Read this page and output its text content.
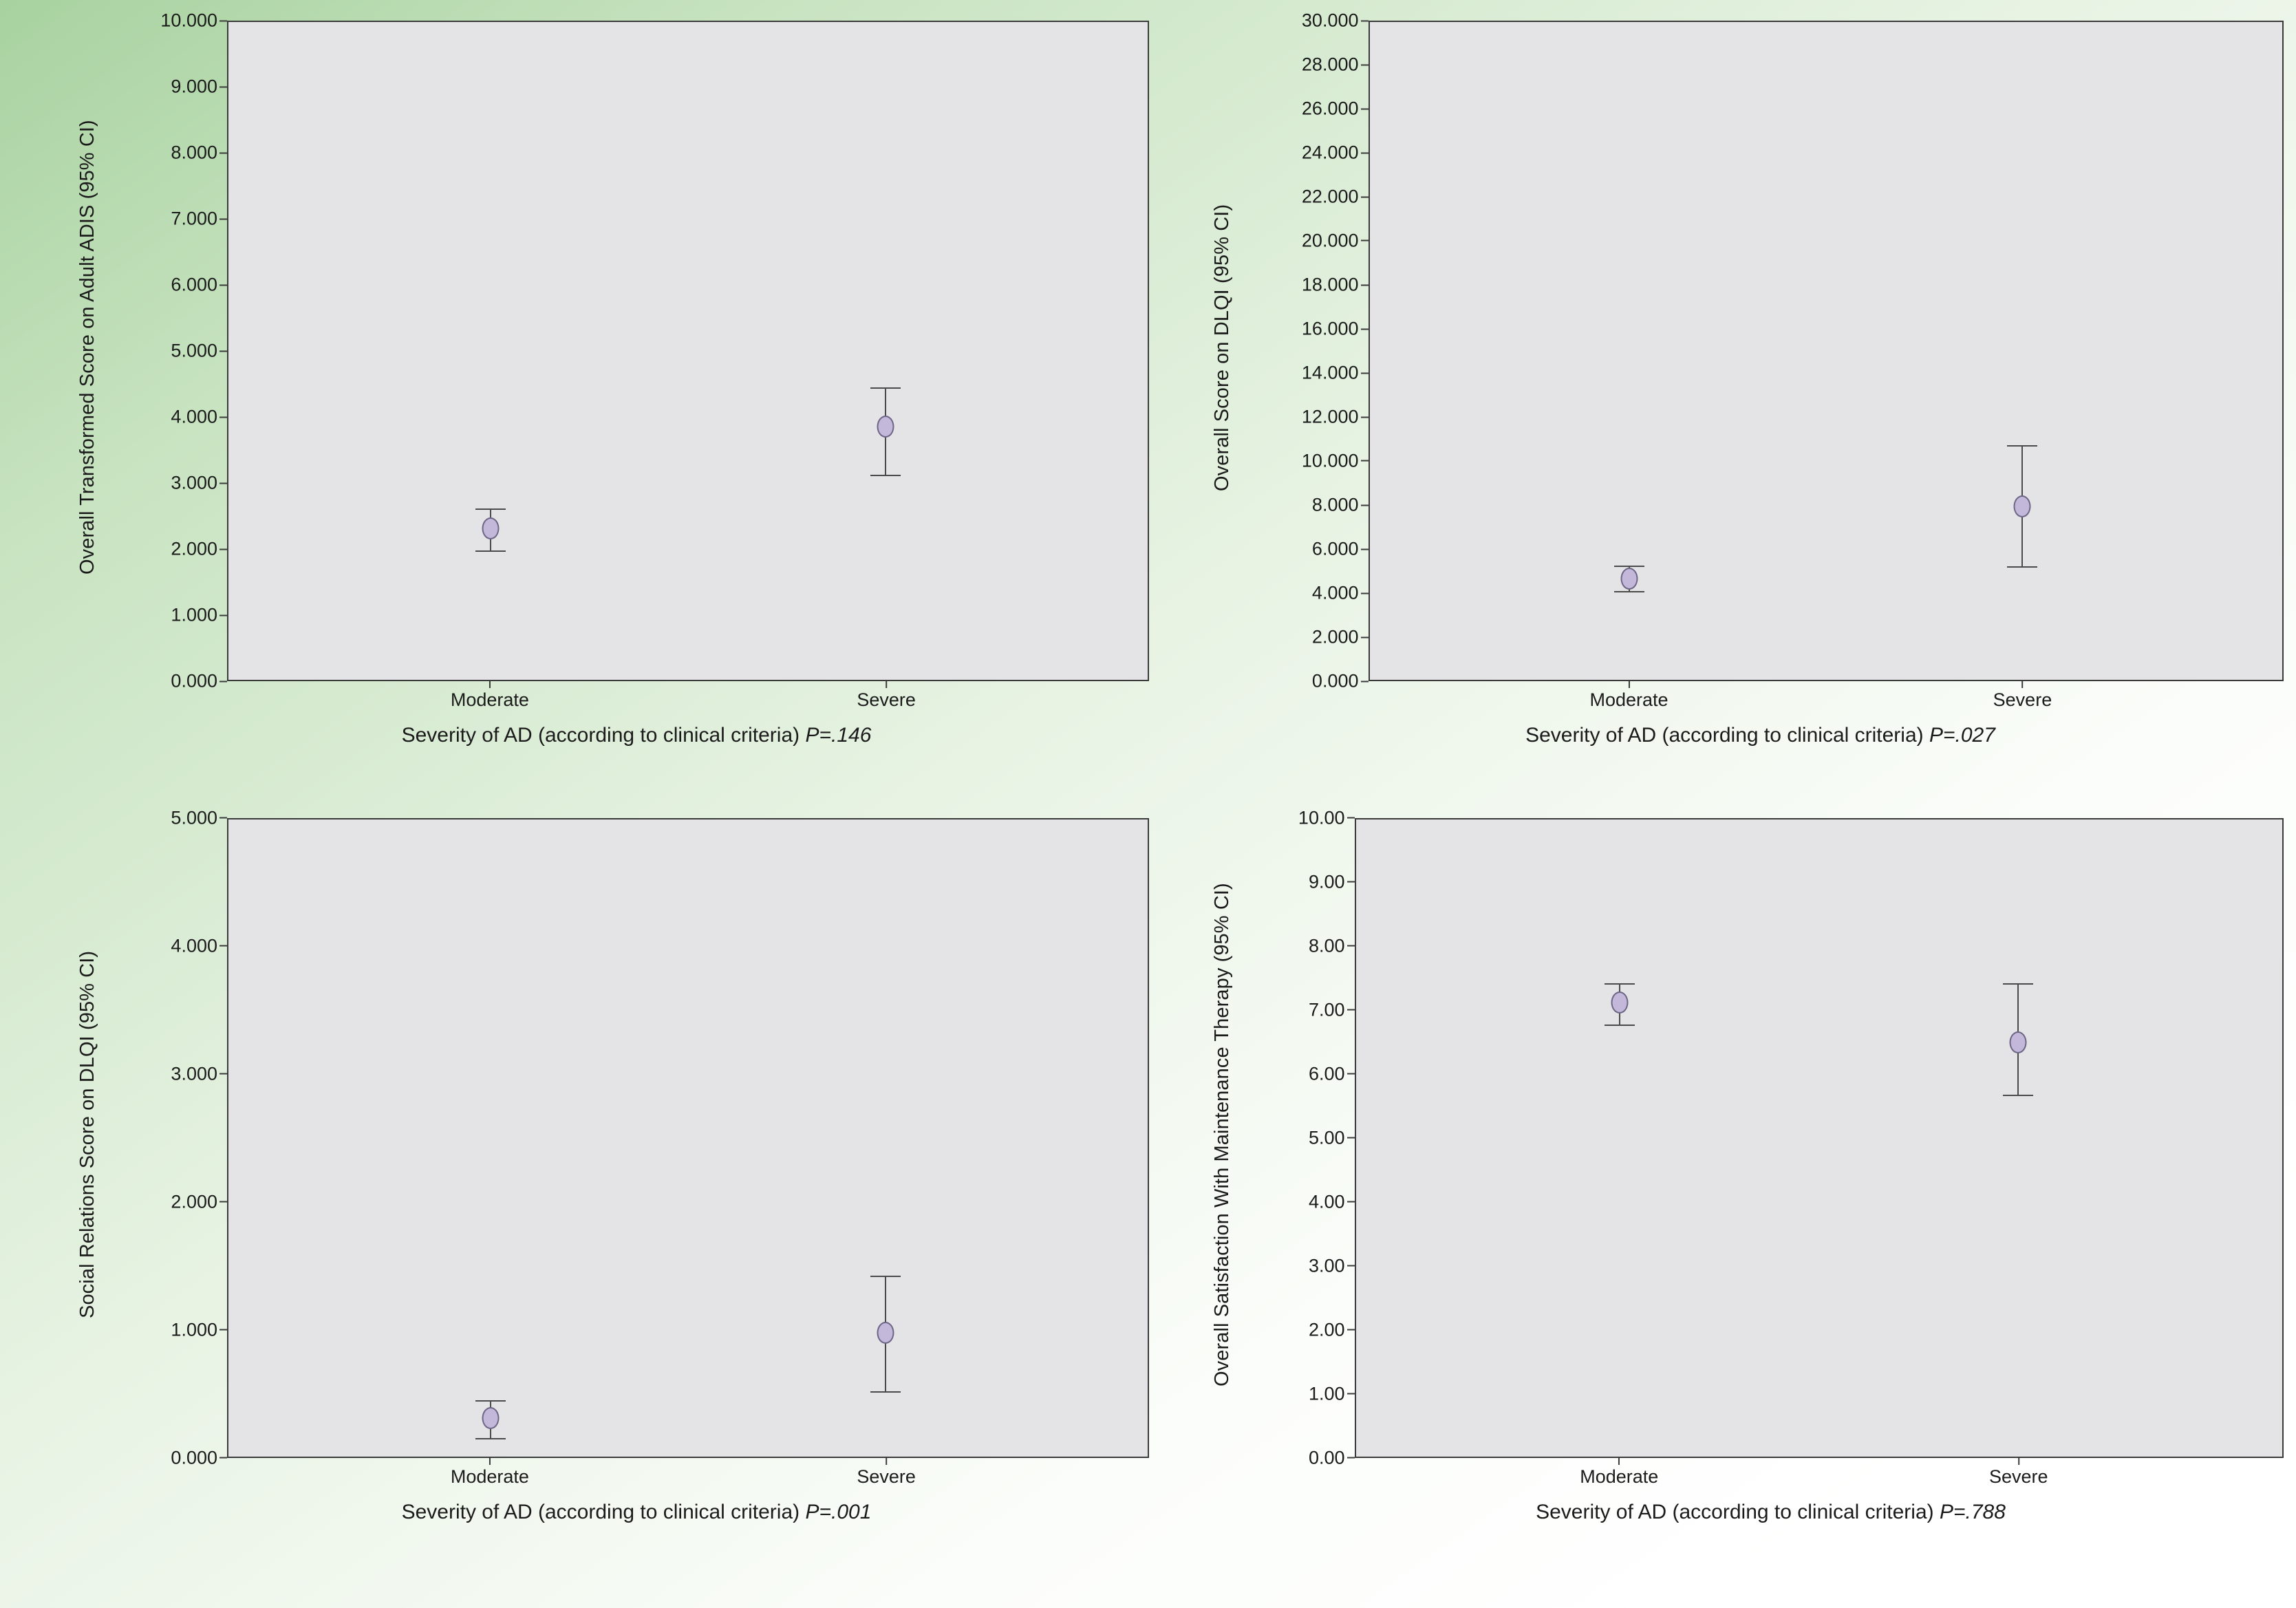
Overall Transformed Score on Adult ADIS (95% CI)
0.000
1.000
2.000
3.000
4.000
5.000
6.000
7.000
8.000
9.000
10.000
Moderate	Severe
Severity of AD (according to clinical criteria) P=.146
Overall Score on DLQI (95% CI)
0.000
2.000
4.000
6.000
8.000
10.000
12.000
14.000
16.000
18.000
20.000
22.000
24.000
26.000
28.000
30.000
Moderate	Severe
Severity of AD (according to clinical criteria) P=.027
Social Relations Score on DLQI (95% CI)
0.000
1.000
2.000
3.000
4.000
5.000
Moderate	Severe
Severity of AD (according to clinical criteria) P=.001
Overall Satisfaction With Maintenance Therapy (95% CI)
0.00
1.00
2.00
3.00
4.00
5.00
6.00
7.00
8.00
9.00
10.00
Moderate	Severe
Severity of AD (according to clinical criteria) P=.788
